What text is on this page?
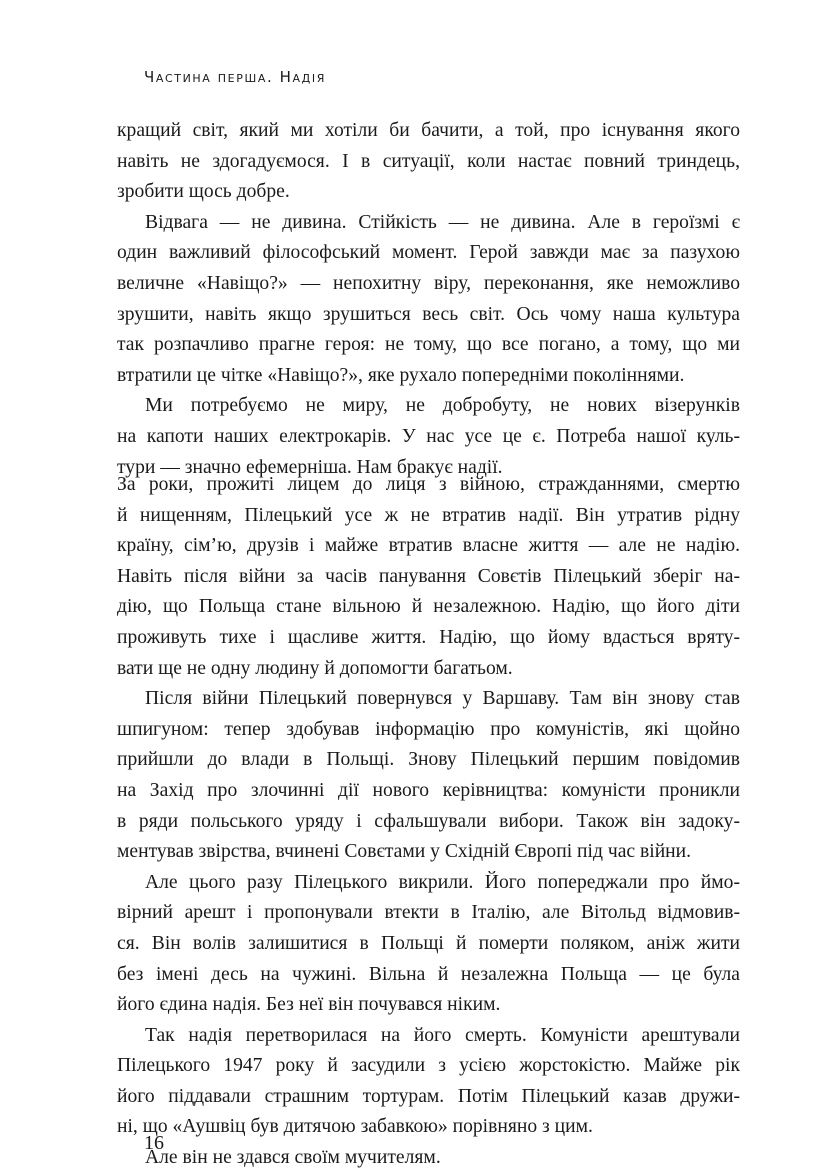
Частина перша. Надія
кращий світ, який ми хотіли би бачити, а той, про існування якого
навіть не здогадуємося. І в ситуації, коли настає повний триндець,
зробити щось добре.
Відвага — не дивина. Стійкість — не дивина. Але в героїзмі є
один важливий філософський момент. Герой завжди має за пазухою
величне «Навіщо?» — непохитну віру, переконання, яке неможливо
зрушити, навіть якщо зрушиться весь світ. Ось чому наша культура
так розпачливо прагне героя: не тому, що все погано, а тому, що ми
втратили це чітке «Навіщо?», яке рухало попередніми поколіннями.
Ми потребуємо не миру, не добробуту, не нових візерунків
на капоти наших електрокарів. У нас усе це є. Потреба нашої куль-
тури — значно ефемерніша. Нам бракує надії.
За роки, прожиті лицем до лиця з війною, стражданнями, смертю
й нищенням, Пілецький усе ж не втратив надії. Він утратив рідну
країну, сім’ю, друзів і майже втратив власне життя — але не надію.
Навіть після війни за часів панування Совєтів Пілецький зберіг на-
дію, що Польща стане вільною й незалежною. Надію, що його діти
проживуть тихе і щасливе життя. Надію, що йому вдасться вряту-
вати ще не одну людину й допомогти багатьом.
Після війни Пілецький повернувся у Варшаву. Там він знову став
шпигуном: тепер здобував інформацію про комуністів, які щойно
прийшли до влади в Польщі. Знову Пілецький першим повідомив
на Захід про злочинні дії нового керівництва: комуністи проникли
в ряди польського уряду і сфальшували вибори. Також він задоку-
ментував звірства, вчинені Совєтами у Східній Європі під час війни.
Але цього разу Пілецького викрили. Його попереджали про ймо-
вірний арешт і пропонували втекти в Італію, але Вітольд відмовив-
ся. Він волів залишитися в Польщі й померти поляком, аніж жити
без імені десь на чужині. Вільна й незалежна Польща — це була
його єдина надія. Без неї він почувався ніким.
Так надія перетворилася на його смерть. Комуністи арештували
Пілецького 1947 року й засудили з усією жорстокістю. Майже рік
його піддавали страшним тортурам. Потім Пілецький казав дружи-
ні, що «Аушвіц був дитячою забавкою» порівняно з цим.
Але він не здався своїм мучителям.
16
